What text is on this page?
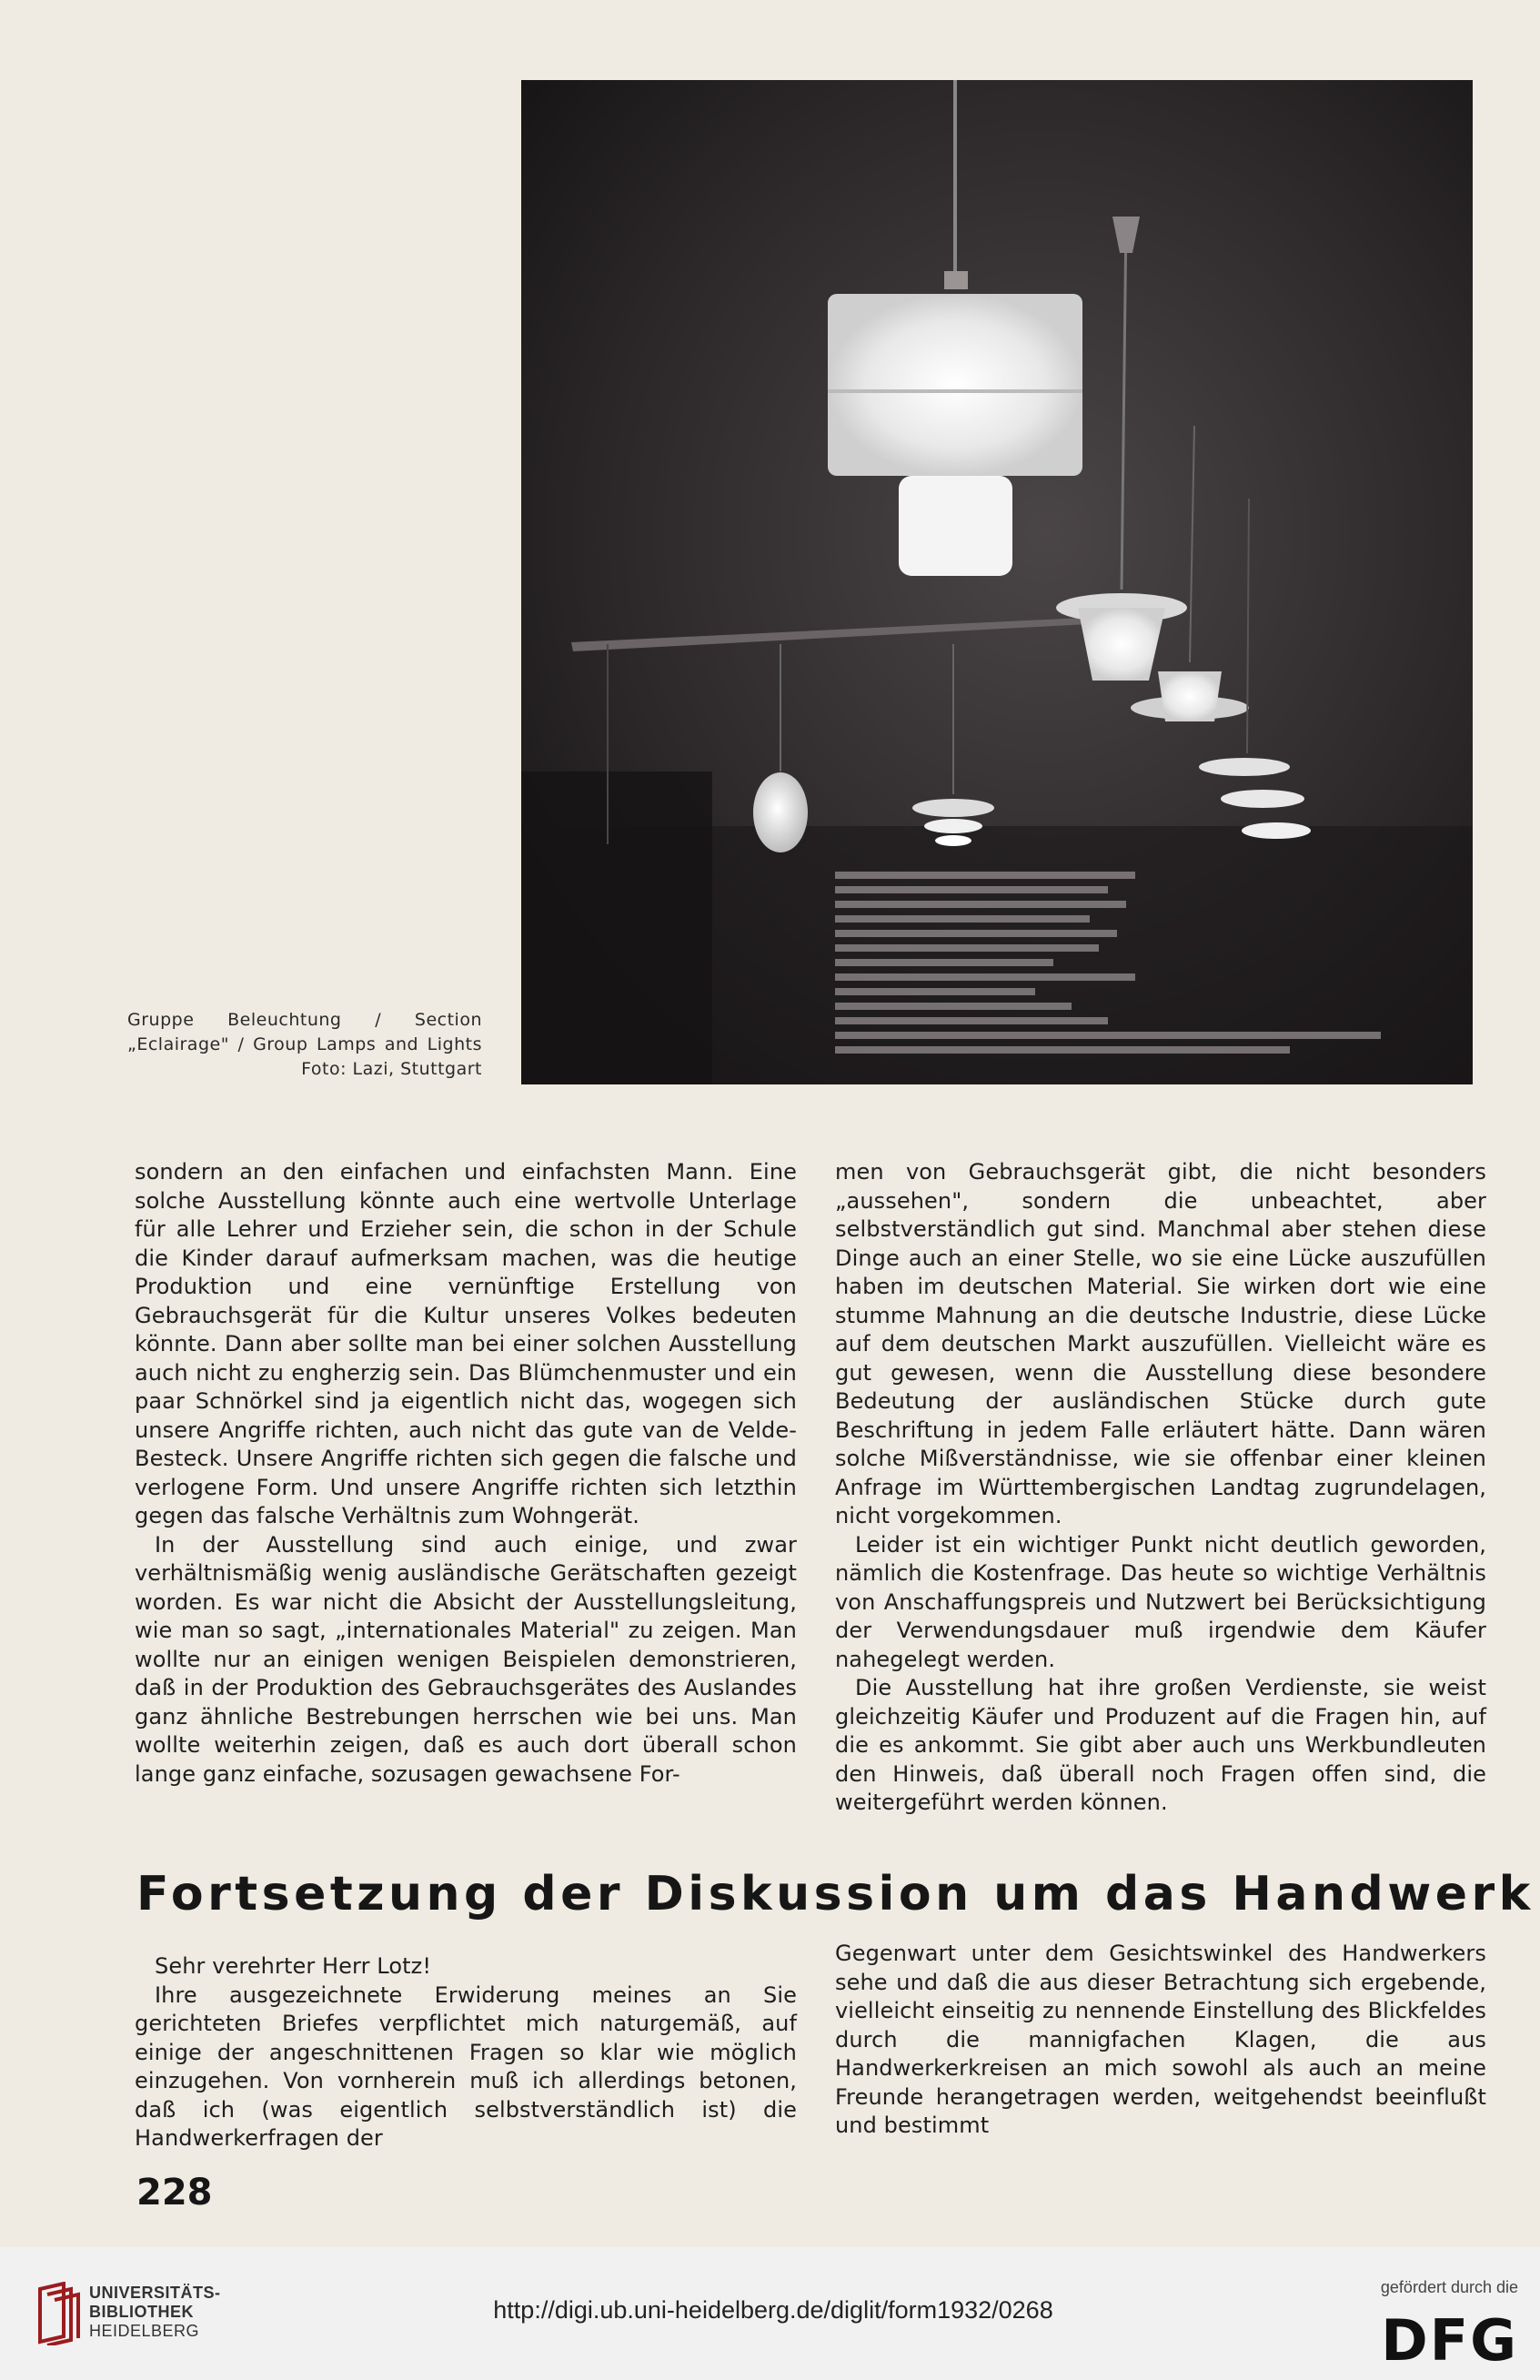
Gruppe Beleuchtung / Section „Eclairage" / Group Lamps and Lights
Foto: Lazi, Stuttgart

sondern an den einfachen und einfachsten Mann. Eine solche Ausstellung könnte auch eine wertvolle Unterlage für alle Lehrer und Erzieher sein, die schon in der Schule die Kinder darauf aufmerksam machen, was die heutige Produktion und eine vernünftige Erstellung von Gebrauchsgerät für die Kultur unseres Volkes bedeuten könnte. Dann aber sollte man bei einer solchen Ausstellung auch nicht zu engherzig sein. Das Blümchenmuster und ein paar Schnörkel sind ja eigentlich nicht das, wogegen sich unsere Angriffe richten, auch nicht das gute van de Velde-Besteck. Unsere Angriffe richten sich gegen die falsche und verlogene Form. Und unsere Angriffe richten sich letzthin gegen das falsche Verhältnis zum Wohngerät.

In der Ausstellung sind auch einige, und zwar verhältnismäßig wenig ausländische Gerätschaften gezeigt worden. Es war nicht die Absicht der Ausstellungsleitung, wie man so sagt, „internationales Material" zu zeigen. Man wollte nur an einigen wenigen Beispielen demonstrieren, daß in der Produktion des Gebrauchsgerätes des Auslandes ganz ähnliche Bestrebungen herrschen wie bei uns. Man wollte weiterhin zeigen, daß es auch dort überall schon lange ganz einfache, sozusagen gewachsene For-

men von Gebrauchsgerät gibt, die nicht besonders „aussehen", sondern die unbeachtet, aber selbstverständlich gut sind. Manchmal aber stehen diese Dinge auch an einer Stelle, wo sie eine Lücke auszufüllen haben im deutschen Material. Sie wirken dort wie eine stumme Mahnung an die deutsche Industrie, diese Lücke auf dem deutschen Markt auszufüllen. Vielleicht wäre es gut gewesen, wenn die Ausstellung diese besondere Bedeutung der ausländischen Stücke durch gute Beschriftung in jedem Falle erläutert hätte. Dann wären solche Mißverständnisse, wie sie offenbar einer kleinen Anfrage im Württembergischen Landtag zugrundelagen, nicht vorgekommen.

Leider ist ein wichtiger Punkt nicht deutlich geworden, nämlich die Kostenfrage. Das heute so wichtige Verhältnis von Anschaffungspreis und Nutzwert bei Berücksichtigung der Verwendungsdauer muß irgendwie dem Käufer nahegelegt werden.

Die Ausstellung hat ihre großen Verdienste, sie weist gleichzeitig Käufer und Produzent auf die Fragen hin, auf die es ankommt. Sie gibt aber auch uns Werkbundleuten den Hinweis, daß überall noch Fragen offen sind, die weitergeführt werden können.

Fortsetzung der Diskussion um das Handwerk

Sehr verehrter Herr Lotz!

Ihre ausgezeichnete Erwiderung meines an Sie gerichteten Briefes verpflichtet mich naturgemäß, auf einige der angeschnittenen Fragen so klar wie möglich einzugehen. Von vornherein muß ich allerdings betonen, daß ich (was eigentlich selbstverständlich ist) die Handwerkerfragen der

Gegenwart unter dem Gesichtswinkel des Handwerkers sehe und daß die aus dieser Betrachtung sich ergebende, vielleicht einseitig zu nennende Einstellung des Blickfeldes durch die mannigfachen Klagen, die aus Handwerkerkreisen an mich sowohl als auch an meine Freunde herangetragen werden, weitgehendst beeinflußt und bestimmt

228
UNIVERSITÄTS-
BIBLIOTHEK
HEIDELBERG
http://digi.ub.uni-heidelberg.de/diglit/form1932/0268
gefördert durch die
DFG
